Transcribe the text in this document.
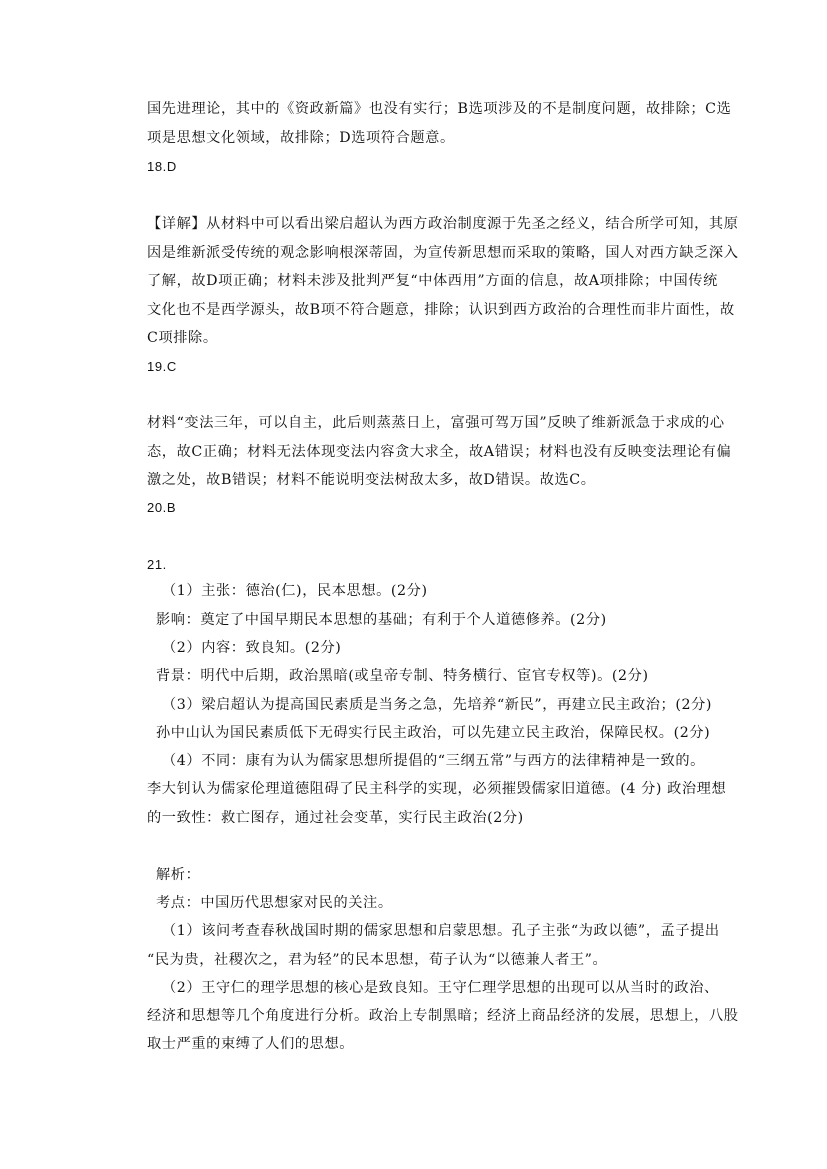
国先进理论，其中的《资政新篇》也没有实行；B选项涉及的不是制度问题，故排除；C选
项是思想文化领域，故排除；D选项符合题意。
18.D
【详解】从材料中可以看出梁启超认为西方政治制度源于先圣之经义，结合所学可知，其原
因是维新派受传统的观念影响根深蒂固，为宣传新思想而采取的策略，国人对西方缺乏深入
了解，故D项正确；材料未涉及批判严复“中体西用”方面的信息，故A项排除；中国传统
文化也不是西学源头，故B项不符合题意，排除；认识到西方政治的合理性而非片面性，故
C项排除。
19.C
材料“变法三年，可以自主，此后则蒸蒸日上，富强可驾万国”反映了维新派急于求成的心
态，故C正确；材料无法体现变法内容贪大求全，故A错误；材料也没有反映变法理论有偏
激之处，故B错误；材料不能说明变法树敌太多，故D错误。故选C。
20.B
21.
（1）主张：德治(仁)，民本思想。(2分)
影响：奠定了中国早期民本思想的基础；有利于个人道德修养。(2分)
（2）内容：致良知。(2分)
背景：明代中后期，政治黑暗(或皇帝专制、特务横行、宦官专权等)。(2分)
（3）梁启超认为提高国民素质是当务之急，先培养“新民”，再建立民主政治；(2分)
孙中山认为国民素质低下无碍实行民主政治，可以先建立民主政治，保障民权。(2分)
（4）不同：康有为认为儒家思想所提倡的“三纲五常”与西方的法律精神是一致的。
李大钊认为儒家伦理道德阻碍了民主科学的实现，必须摧毁儒家旧道德。(4 分) 政治理想
的一致性：救亡图存，通过社会变革，实行民主政治(2分)
解析：
考点：中国历代思想家对民的关注。
（1）该问考查春秋战国时期的儒家思想和启蒙思想。孔子主张“为政以德”，孟子提出
“民为贵，社稷次之，君为轻”的民本思想，荀子认为“以德兼人者王”。
（2）王守仁的理学思想的核心是致良知。王守仁理学思想的出现可以从当时的政治、
经济和思想等几个角度进行分析。政治上专制黑暗；经济上商品经济的发展，思想上，八股
取士严重的束缚了人们的思想。
